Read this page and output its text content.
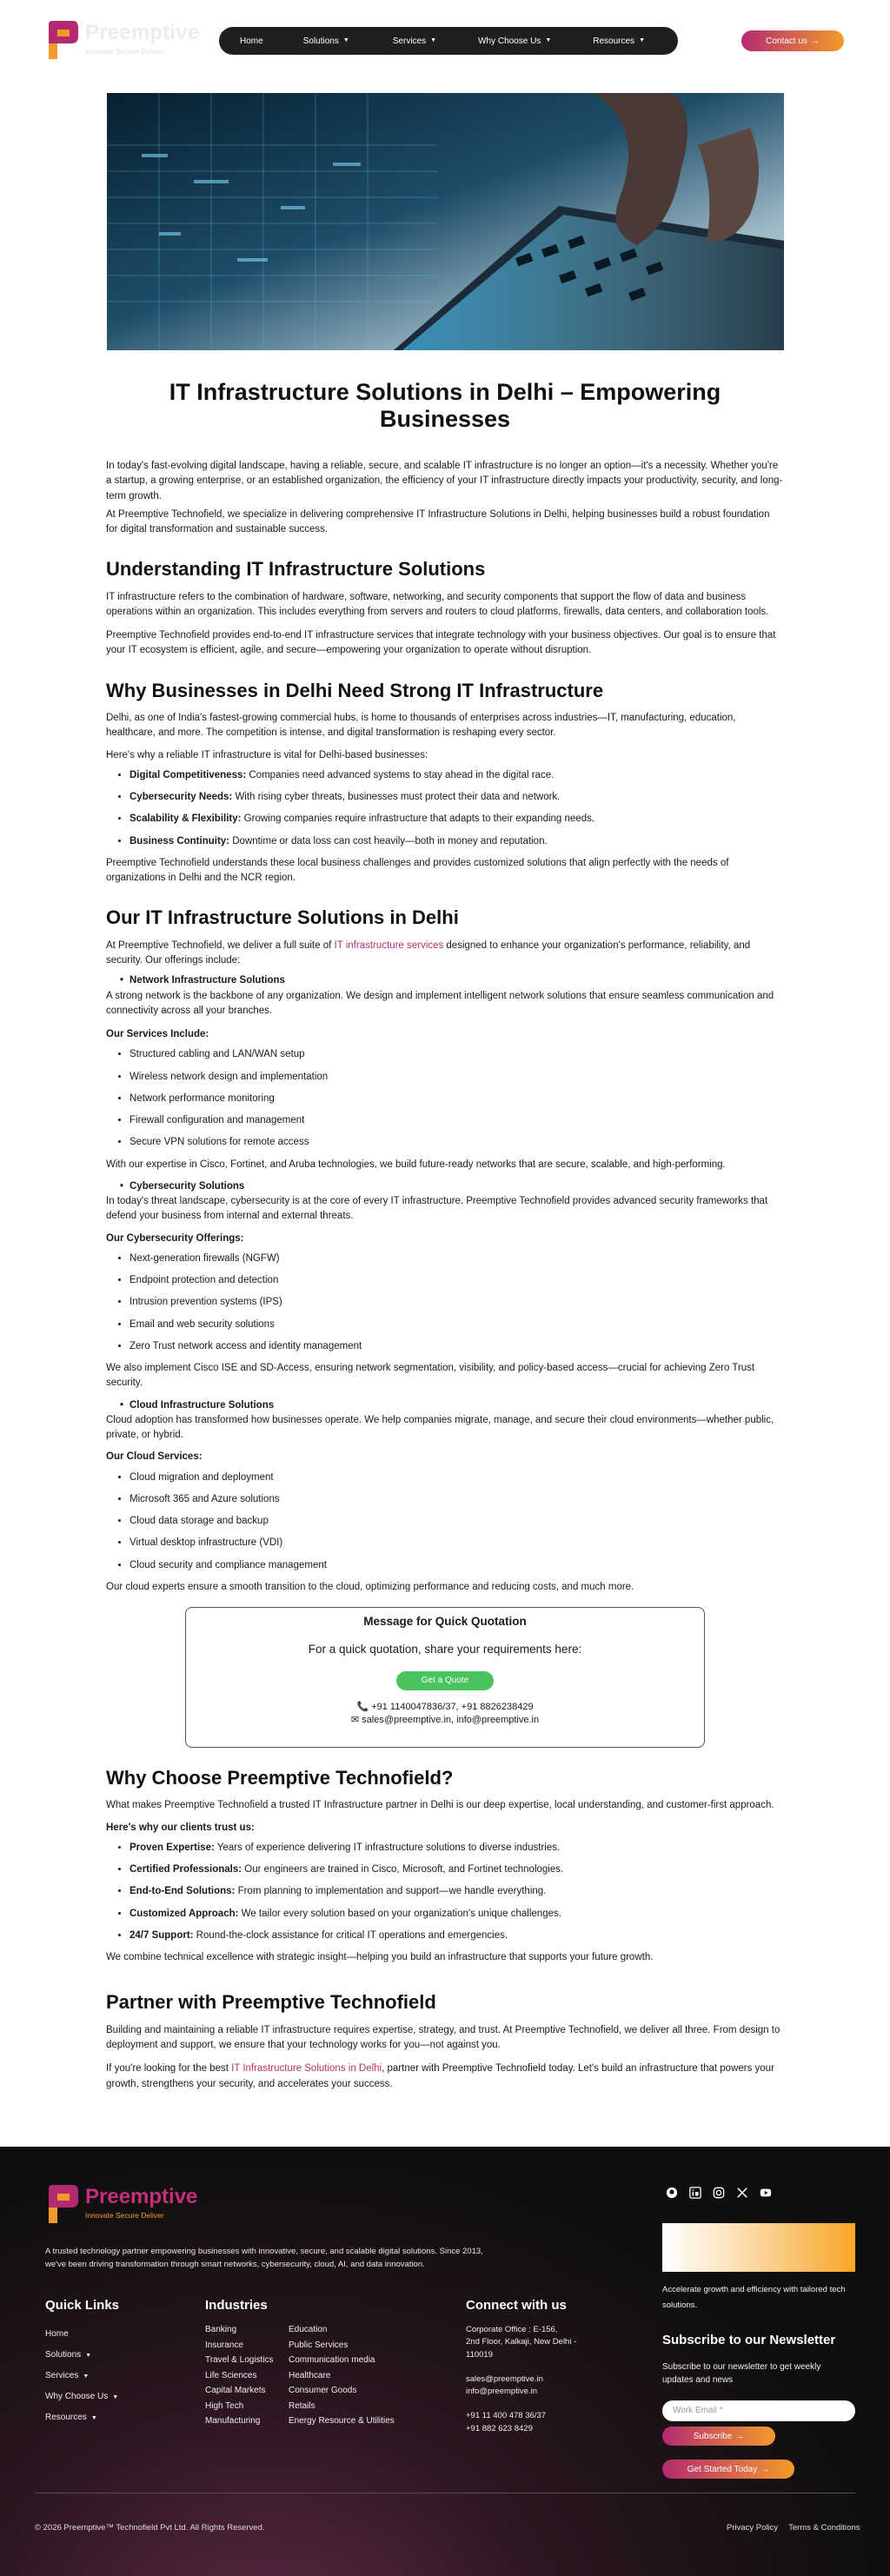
Preemptive
Innovate Secure Deliver
Home	Solutions ▼	Services ▼	Why Choose Us ▼	Resources ▼	Contact us →
IT Infrastructure Solutions in Delhi – Empowering Businesses

In today's fast-evolving digital landscape, having a reliable, secure, and scalable IT infrastructure is no longer an option—it's a necessity. Whether you're a startup, a growing enterprise, or an established organization, the efficiency of your IT infrastructure directly impacts your productivity, security, and long-term growth.

At Preemptive Technofield, we specialize in delivering comprehensive IT Infrastructure Solutions in Delhi, helping businesses build a robust foundation for digital transformation and sustainable success.

Understanding IT Infrastructure Solutions

IT infrastructure refers to the combination of hardware, software, networking, and security components that support the flow of data and business operations within an organization. This includes everything from servers and routers to cloud platforms, firewalls, data centers, and collaboration tools.

Preemptive Technofield provides end-to-end IT infrastructure services that integrate technology with your business objectives. Our goal is to ensure that your IT ecosystem is efficient, agile, and secure—empowering your organization to operate without disruption.

Why Businesses in Delhi Need Strong IT Infrastructure

Delhi, as one of India's fastest-growing commercial hubs, is home to thousands of enterprises across industries—IT, manufacturing, education, healthcare, and more. The competition is intense, and digital transformation is reshaping every sector.

Here's why a reliable IT infrastructure is vital for Delhi-based businesses:

• Digital Competitiveness: Companies need advanced systems to stay ahead in the digital race.
• Cybersecurity Needs: With rising cyber threats, businesses must protect their data and network.
• Scalability & Flexibility: Growing companies require infrastructure that adapts to their expanding needs.
• Business Continuity: Downtime or data loss can cost heavily—both in money and reputation.

Preemptive Technofield understands these local business challenges and provides customized solutions that align perfectly with the needs of organizations in Delhi and the NCR region.

Our IT Infrastructure Solutions in Delhi

At Preemptive Technofield, we deliver a full suite of IT infrastructure services designed to enhance your organization's performance, reliability, and security. Our offerings include:

• Network Infrastructure Solutions

A strong network is the backbone of any organization. We design and implement intelligent network solutions that ensure seamless communication and connectivity across all your branches.

Our Services Include:
• Structured cabling and LAN/WAN setup
• Wireless network design and implementation
• Network performance monitoring
• Firewall configuration and management
• Secure VPN solutions for remote access

With our expertise in Cisco, Fortinet, and Aruba technologies, we build future-ready networks that are secure, scalable, and high-performing.

• Cybersecurity Solutions

In today's threat landscape, cybersecurity is at the core of every IT infrastructure. Preemptive Technofield provides advanced security frameworks that defend your business from internal and external threats.

Our Cybersecurity Offerings:
• Next-generation firewalls (NGFW)
• Endpoint protection and detection
• Intrusion prevention systems (IPS)
• Email and web security solutions
• Zero Trust network access and identity management

We also implement Cisco ISE and SD-Access, ensuring network segmentation, visibility, and policy-based access—crucial for achieving Zero Trust security.

• Cloud Infrastructure Solutions

Cloud adoption has transformed how businesses operate. We help companies migrate, manage, and secure their cloud environments—whether public, private, or hybrid.

Our Cloud Services:
• Cloud migration and deployment
• Microsoft 365 and Azure solutions
• Cloud data storage and backup
• Virtual desktop infrastructure (VDI)
• Cloud security and compliance management

Our cloud experts ensure a smooth transition to the cloud, optimizing performance and reducing costs, and much more.

Message for Quick Quotation
For a quick quotation, share your requirements here:
Get a Quote
📞 +91 1140047836/37, +91 8826238429
✉ sales@preemptive.in, info@preemptive.in
Why Choose Preemptive Technofield?

What makes Preemptive Technofield a trusted IT Infrastructure partner in Delhi is our deep expertise, local understanding, and customer-first approach.

Here's why our clients trust us:
• Proven Expertise: Years of experience delivering IT infrastructure solutions to diverse industries.
• Certified Professionals: Our engineers are trained in Cisco, Microsoft, and Fortinet technologies.
• End-to-End Solutions: From planning to implementation and support—we handle everything.
• Customized Approach: We tailor every solution based on your organization's unique challenges.
• 24/7 Support: Round-the-clock assistance for critical IT operations and emergencies.

We combine technical excellence with strategic insight—helping you build an infrastructure that supports your future growth.

Partner with Preemptive Technofield

Building and maintaining a reliable IT infrastructure requires expertise, strategy, and trust. At Preemptive Technofield, we deliver all three. From design to deployment and support, we ensure that your technology works for you—not against you.

If you're looking for the best IT Infrastructure Solutions in Delhi, partner with Preemptive Technofield today. Let's build an infrastructure that powers your growth, strengthens your security, and accelerates your success.

Preemptive
Innovate Secure Deliver
A trusted technology partner empowering businesses with innovative, secure, and scalable digital solutions. Since 2013, we've been driving transformation through smart networks, cybersecurity, cloud, AI, and data innovation.
Accelerate growth and efficiency with tailored tech solutions.
Quick Links
Home
Solutions ▼
Services ▼
Why Choose Us ▼
Resources ▼
Industries
Banking
Insurance
Travel & Logistics
Life Sciences
Capital Markets
High Tech
Manufacturing
Education
Public Services
Communication media
Healthcare
Consumer Goods
Retails
Energy Resource & Utilities
Connect with us
Corporate Office : E-156,
2nd Floor, Kalkaji, New Delhi -
110019
sales@preemptive.in
info@preemptive.in
+91 11 400 478 36/37
+91 882 623 8429
Subscribe to our Newsletter
Subscribe to our newsletter to get weekly updates and news
Work Email *
Subscribe →
Get Started Today →
© 2026 Preemptive™ Technofield Pvt Ltd. All Rights Reserved.	Privacy Policy Terms & Conditions
